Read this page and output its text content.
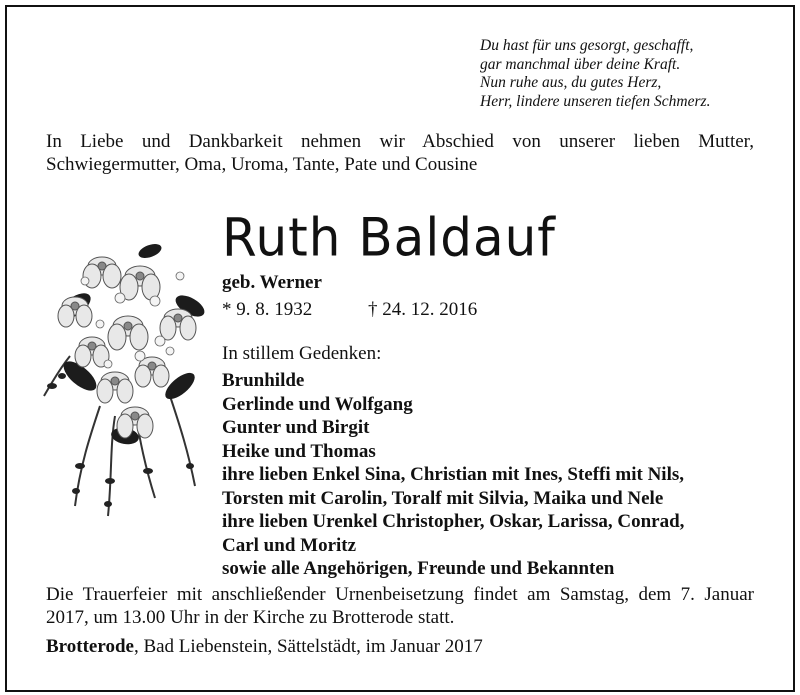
Du hast für uns gesorgt, geschafft,
gar manchmal über deine Kraft.
Nun ruhe aus, du gutes Herz,
Herr, lindere unseren tiefen Schmerz.
In Liebe und Dankbarkeit nehmen wir Abschied von unserer lieben Mutter, Schwiegermutter, Oma, Uroma, Tante, Pate und Cousine
Ruth Baldauf
geb. Werner
* 9. 8. 1932	† 24. 12. 2016
In stillem Gedenken:
Brunhilde
Gerlinde und Wolfgang
Gunter und Birgit
Heike und Thomas
ihre lieben Enkel Sina, Christian mit Ines, Steffi mit Nils,
Torsten mit Carolin, Toralf mit Silvia, Maika und Nele
ihre lieben Urenkel Christopher, Oskar, Larissa, Conrad,
Carl und Moritz
sowie alle Angehörigen, Freunde und Bekannten
Die Trauerfeier mit anschließender Urnenbeisetzung findet am Samstag, dem 7. Januar 2017, um 13.00 Uhr in der Kirche zu Brotterode statt.
Brotterode, Bad Liebenstein, Sättelstädt, im Januar 2017
